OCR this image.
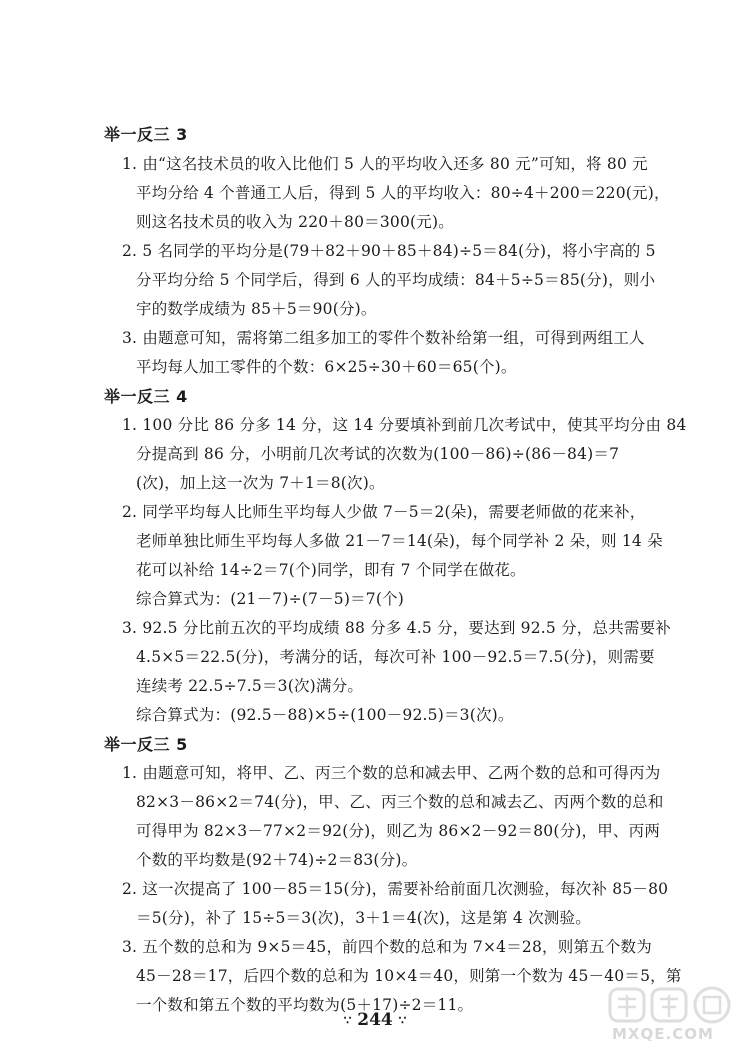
举一反三 3
1. 由“这名技术员的收入比他们 5 人的平均收入还多 80 元”可知，将 80 元
平均分给 4 个普通工人后，得到 5 人的平均收入：80÷4＋200＝220(元)，
则这名技术员的收入为 220＋80＝300(元)。
2. 5 名同学的平均分是(79＋82＋90＋85＋84)÷5＝84(分)，将小宇高的 5
分平均分给 5 个同学后，得到 6 人的平均成绩：84＋5÷5＝85(分)，则小
宇的数学成绩为 85＋5＝90(分)。
3. 由题意可知，需将第二组多加工的零件个数补给第一组，可得到两组工人
平均每人加工零件的个数：6×25÷30＋60＝65(个)。
举一反三 4
1. 100 分比 86 分多 14 分，这 14 分要填补到前几次考试中，使其平均分由 84
分提高到 86 分，小明前几次考试的次数为(100－86)÷(86－84)＝7
(次)，加上这一次为 7＋1＝8(次)。
2. 同学平均每人比师生平均每人少做 7－5＝2(朵)，需要老师做的花来补，
老师单独比师生平均每人多做 21－7＝14(朵)，每个同学补 2 朵，则 14 朵
花可以补给 14÷2＝7(个)同学，即有 7 个同学在做花。
综合算式为：(21－7)÷(7－5)＝7(个)
3. 92.5 分比前五次的平均成绩 88 分多 4.5 分，要达到 92.5 分，总共需要补
4.5×5＝22.5(分)，考满分的话，每次可补 100－92.5＝7.5(分)，则需要
连续考 22.5÷7.5＝3(次)满分。
综合算式为：(92.5－88)×5÷(100－92.5)＝3(次)。
举一反三 5
1. 由题意可知，将甲、乙、丙三个数的总和减去甲、乙两个数的总和可得丙为
82×3－86×2＝74(分)，甲、乙、丙三个数的总和减去乙、丙两个数的总和
可得甲为 82×3－77×2＝92(分)，则乙为 86×2－92＝80(分)，甲、丙两
个数的平均数是(92＋74)÷2＝83(分)。
2. 这一次提高了 100－85＝15(分)，需要补给前面几次测验，每次补 85－80
＝5(分)，补了 15÷5＝3(次)，3＋1＝4(次)，这是第 4 次测验。
3. 五个数的总和为 9×5＝45，前四个数的总和为 7×4＝28，则第五个数为
45－28＝17，后四个数的总和为 10×4＝40，则第一个数为 45－40＝5，第
一个数和第五个数的平均数为(5＋17)÷2＝11。
∵ 244 ∵
MXQE.COM
